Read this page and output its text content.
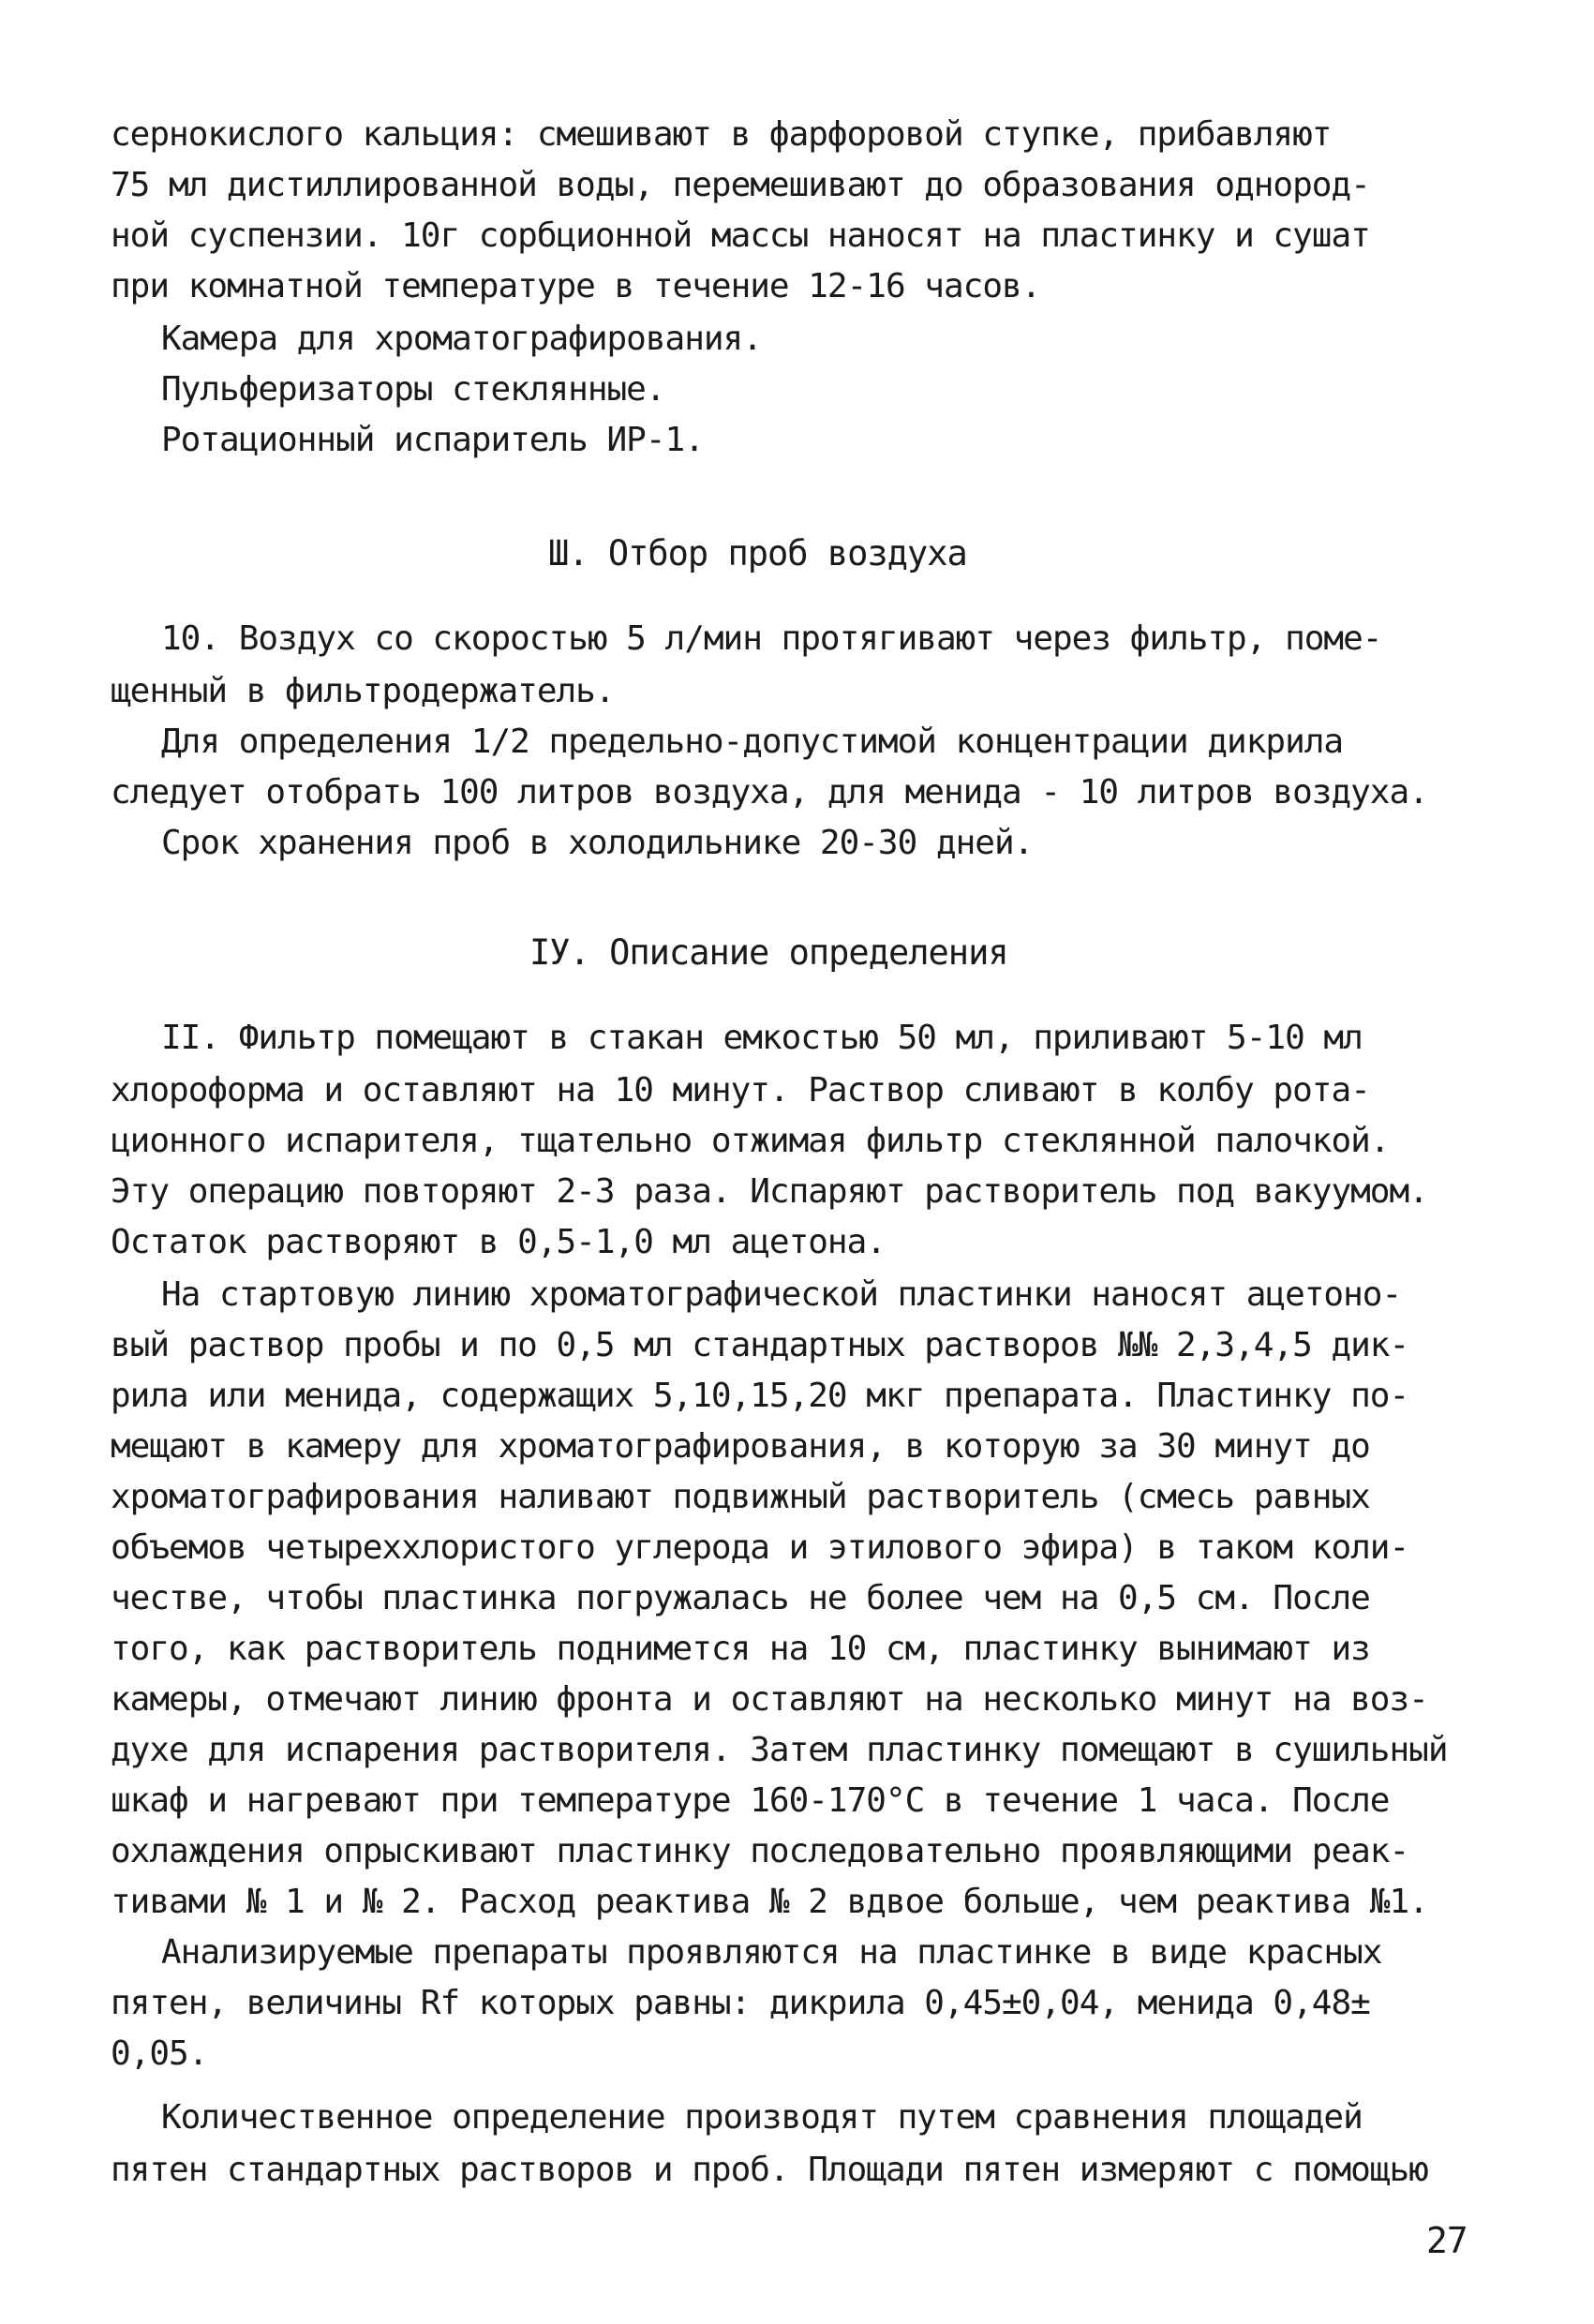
сернокислого кальция: смешивают в фарфоровой ступке, прибавляют
75 мл дистиллированной воды, перемешивают до образования однород-
ной суспензии. 10г сорбционной массы наносят на пластинку и сушат
при комнатной температуре в течение 12-16 часов.
Камера для хроматографирования.
Пульферизаторы стеклянные.
Ротационный испаритель ИР-1.
Ш. Отбор проб воздуха
10. Воздух со скоростью 5 л/мин протягивают через фильтр, поме-
щенный в фильтродержатель.
Для определения 1/2 предельно-допустимой концентрации дикрила
следует отобрать 100 литров воздуха, для менида - 10 литров воздуха.
Срок хранения проб в холодильнике 20-30 дней.
IУ. Описание определения
II. Фильтр помещают в стакан емкостью 50 мл, приливают 5-10 мл
хлороформа и оставляют на 10 минут. Раствор сливают в колбу рота-
ционного испарителя, тщательно отжимая фильтр стеклянной палочкой.
Эту операцию повторяют 2-3 раза. Испаряют растворитель под вакуумом.
Остаток растворяют в 0,5-1,0 мл ацетона.
На стартовую линию хроматографической пластинки наносят ацетоно-
вый раствор пробы и по 0,5 мл стандартных растворов №№ 2,3,4,5 дик-
рила или менида, содержащих 5,10,15,20 мкг препарата. Пластинку по-
мещают в камеру для хроматографирования, в которую за 30 минут до
хроматографирования наливают подвижный растворитель (смесь равных
объемов четыреххлористого углерода и этилового эфира) в таком коли-
честве, чтобы пластинка погружалась не более чем на 0,5 см. После
того, как растворитель поднимется на 10 см, пластинку вынимают из
камеры, отмечают линию фронта и оставляют на несколько минут на воз-
духе для испарения растворителя. Затем пластинку помещают в сушильный
шкаф и нагревают при температуре 160-170°С в течение 1 часа. После
охлаждения опрыскивают пластинку последовательно проявляющими реак-
тивами № 1 и № 2. Расход реактива № 2 вдвое больше, чем реактива №1.
Анализируемые препараты проявляются на пластинке в виде красных
пятен, величины Rf которых равны: дикрила 0,45±0,04, менида 0,48±
0,05.
Количественное определение производят путем сравнения площадей
пятен стандартных растворов и проб. Площади пятен измеряют с помощью
27
